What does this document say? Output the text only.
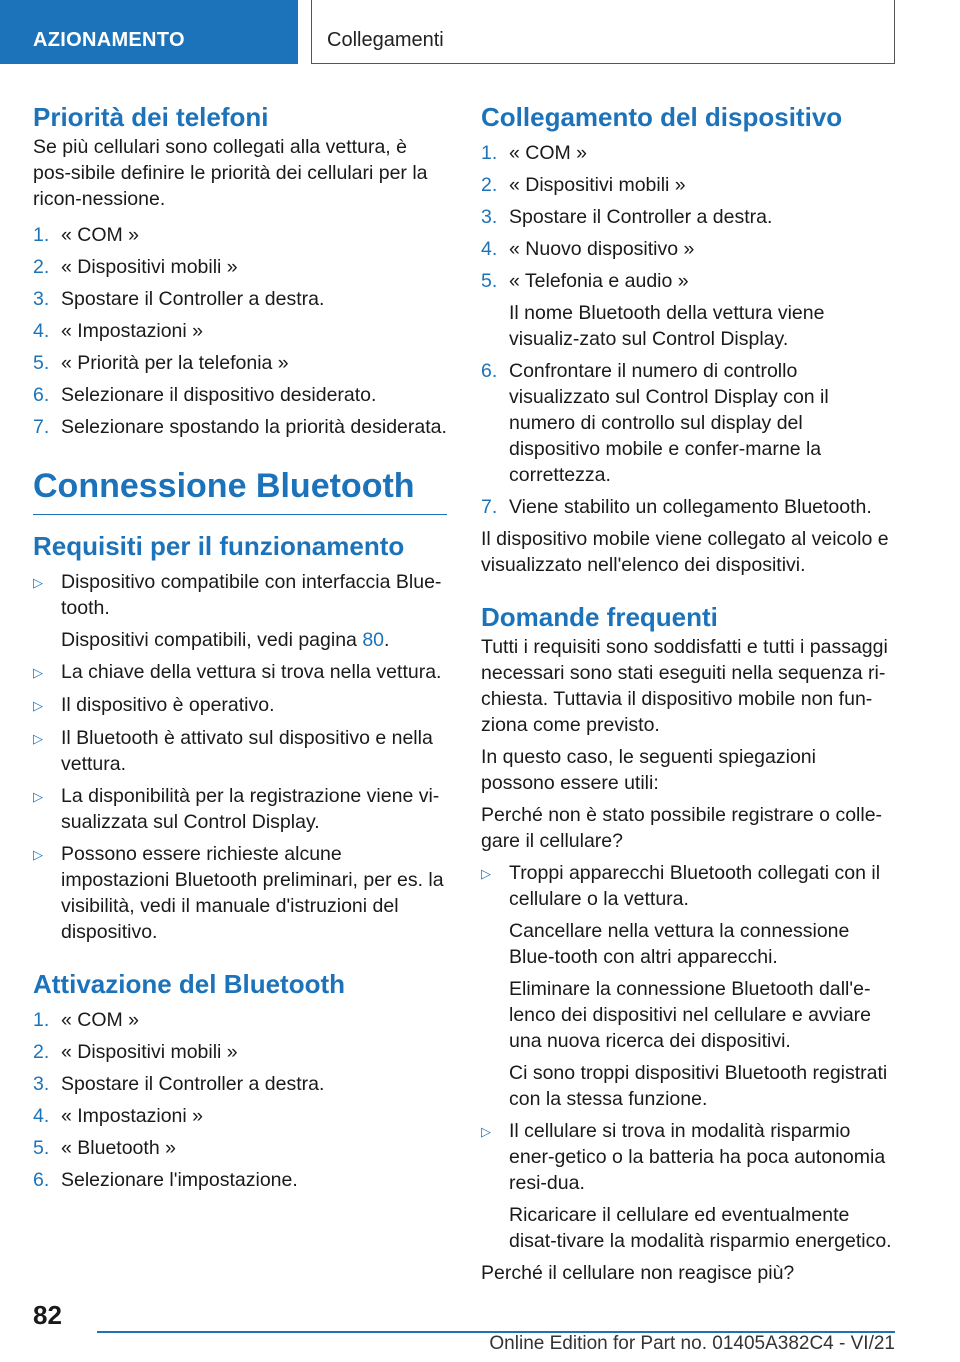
AZIONAMENTO	Collegamenti
Priorità dei telefoni

Se più cellulari sono collegati alla vettura, è pos-sibile definire le priorità dei cellulari per la ricon-nessione.

1. « COM »
2. « Dispositivi mobili »
3. Spostare il Controller a destra.
4. « Impostazioni »
5. « Priorità per la telefonia »
6. Selezionare il dispositivo desiderato.
7. Selezionare spostando la priorità desiderata.
Connessione Bluetooth
Requisiti per il funzionamento
▷ Dispositivo compatibile con interfaccia Blue-tooth.
Dispositivi compatibili, vedi pagina 80.
▷ La chiave della vettura si trova nella vettura.
▷ Il dispositivo è operativo.
▷ Il Bluetooth è attivato sul dispositivo e nella vettura.
▷ La disponibilità per la registrazione viene vi-sualizzata sul Control Display.
▷ Possono essere richieste alcune impostazioni Bluetooth preliminari, per es. la visibilità, vedi il manuale d'istruzioni del dispositivo.
Attivazione del Bluetooth
1. « COM »
2. « Dispositivi mobili »
3. Spostare il Controller a destra.
4. « Impostazioni »
5. « Bluetooth »
6. Selezionare l'impostazione.
Collegamento del dispositivo
1. « COM »
2. « Dispositivi mobili »
3. Spostare il Controller a destra.
4. « Nuovo dispositivo »
5. « Telefonia e audio »
Il nome Bluetooth della vettura viene visualiz-zato sul Control Display.
6. Confrontare il numero di controllo visualizzato sul Control Display con il numero di controllo sul display del dispositivo mobile e confer-marne la correttezza.
7. Viene stabilito un collegamento Bluetooth.

Il dispositivo mobile viene collegato al veicolo e visualizzato nell'elenco dei dispositivi.

Domande frequenti

Tutti i requisiti sono soddisfatti e tutti i passaggi necessari sono stati eseguiti nella sequenza ri-chiesta. Tuttavia il dispositivo mobile non fun-ziona come previsto.

In questo caso, le seguenti spiegazioni possono essere utili:

Perché non è stato possibile registrare o colle-gare il cellulare?

▷ Troppi apparecchi Bluetooth collegati con il cellulare o la vettura.
Cancellare nella vettura la connessione Blue-tooth con altri apparecchi.
Eliminare la connessione Bluetooth dall'e-lenco dei dispositivi nel cellulare e avviare una nuova ricerca dei dispositivi.
Ci sono troppi dispositivi Bluetooth registrati con la stessa funzione.
▷ Il cellulare si trova in modalità risparmio ener-getico o la batteria ha poca autonomia resi-dua.
Ricaricare il cellulare ed eventualmente disat-tivare la modalità risparmio energetico.

Perché il cellulare non reagisce più?

82
Online Edition for Part no. 01405A382C4 - VI/21
